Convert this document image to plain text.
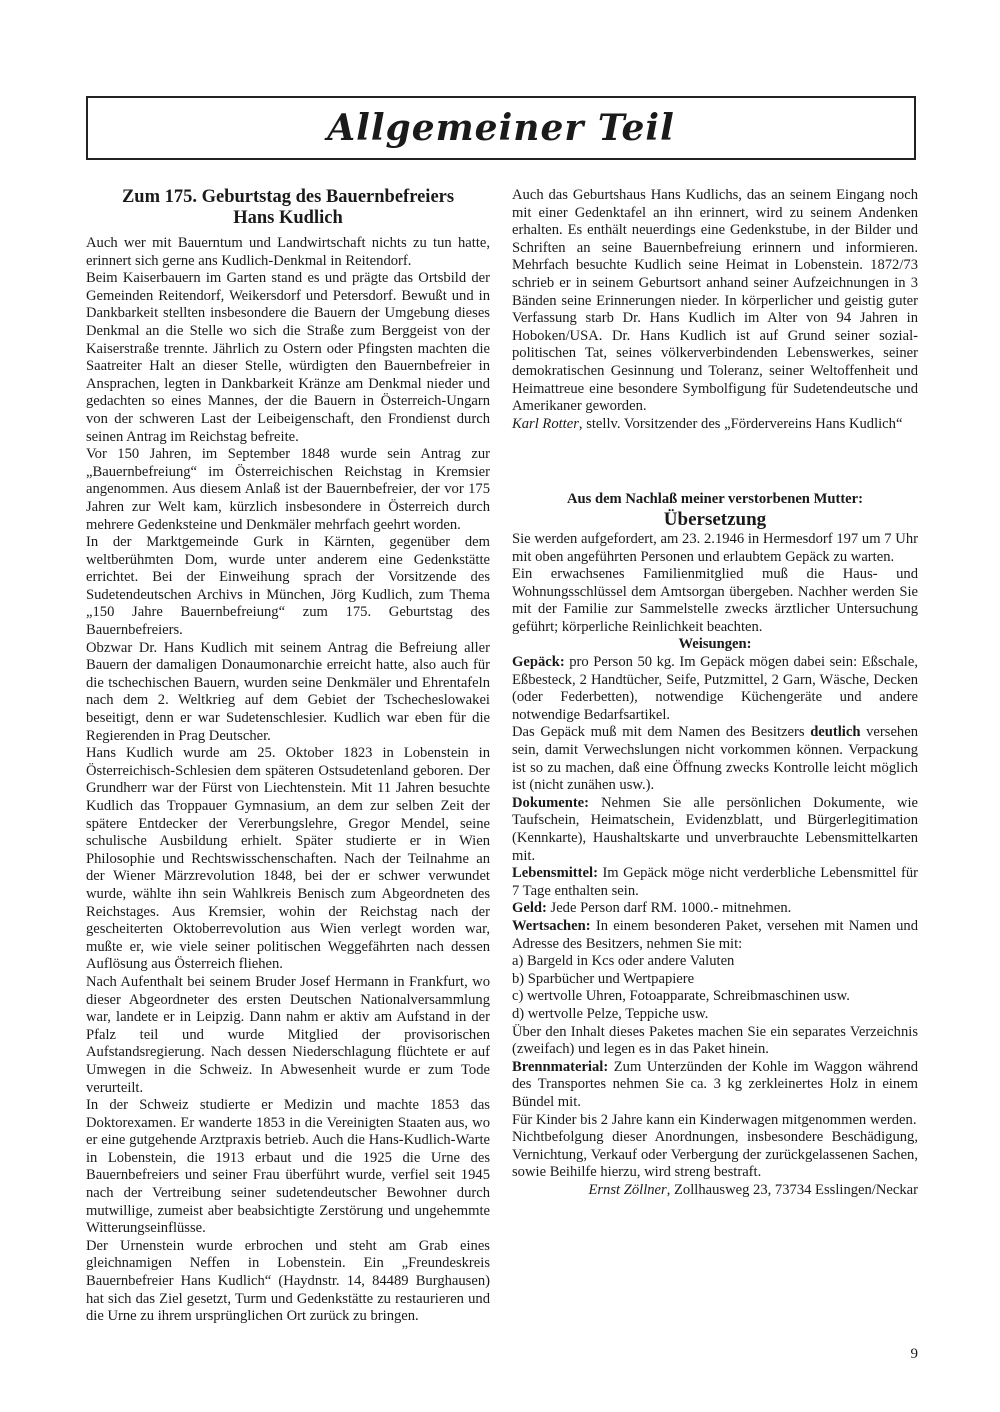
Allgemeiner Teil
Zum 175. Geburtstag des Bauernbefreiers
Hans Kudlich

Auch wer mit Bauerntum und Landwirtschaft nichts zu tun hatte, erinnert sich gerne ans Kudlich-Denkmal in Reitendorf.

Beim Kaiserbauern im Garten stand es und prägte das Ortsbild der Gemeinden Reitendorf, Weikersdorf und Petersdorf. Bewußt und in Dankbarkeit stellten insbesondere die Bauern der Umgebung dieses Denkmal an die Stelle wo sich die Straße zum Berggeist von der Kaiserstraße trennte. Jährlich zu Ostern oder Pfingsten machten die Saatreiter Halt an dieser Stelle, würdigten den Bauernbefreier in Ansprachen, legten in Dankbarkeit Kränze am Denkmal nieder und gedachten so eines Mannes, der die Bauern in Österreich-Ungarn von der schweren Last der Leibeigenschaft, den Frondienst durch seinen Antrag im Reichstag befreite.

Vor 150 Jahren, im September 1848 wurde sein Antrag zur „Bauernbefreiung“ im Österreichischen Reichstag in Kremsier angenommen. Aus diesem Anlaß ist der Bauernbefreier, der vor 175 Jahren zur Welt kam, kürzlich insbesondere in Österreich durch mehrere Gedenksteine und Denkmäler mehrfach geehrt worden.

In der Marktgemeinde Gurk in Kärnten, gegenüber dem weltberühmten Dom, wurde unter anderem eine Gedenkstätte errichtet. Bei der Einweihung sprach der Vorsitzende des Sudetendeutschen Archivs in München, Jörg Kudlich, zum Thema „150 Jahre Bauernbefreiung“ zum 175. Geburtstag des Bauernbefreiers.

Obzwar Dr. Hans Kudlich mit seinem Antrag die Befreiung aller Bauern der damaligen Donaumonarchie erreicht hatte, also auch für die tschechischen Bauern, wurden seine Denkmäler und Ehrentafeln nach dem 2. Weltkrieg auf dem Gebiet der Tschecheslowakei beseitigt, denn er war Sudetenschlesier. Kudlich war eben für die Regierenden in Prag Deutscher.

Hans Kudlich wurde am 25. Oktober 1823 in Lobenstein in Österreichisch-Schlesien dem späteren Ostsudetenland geboren. Der Grundherr war der Fürst von Liechtenstein. Mit 11 Jahren besuchte Kudlich das Troppauer Gymnasium, an dem zur selben Zeit der spätere Entdecker der Vererbungslehre, Gregor Mendel, seine schulische Ausbildung erhielt. Später studierte er in Wien Philosophie und Rechtswisschenschaften. Nach der Teilnahme an der Wiener Märzrevolution 1848, bei der er schwer verwundet wurde, wählte ihn sein Wahlkreis Benisch zum Abgeordneten des Reichstages. Aus Kremsier, wohin der Reichstag nach der gescheiterten Oktoberrevolution aus Wien verlegt worden war, mußte er, wie viele seiner politischen Weggefährten nach dessen Auflösung aus Österreich fliehen.

Nach Aufenthalt bei seinem Bruder Josef Hermann in Frankfurt, wo dieser Abgeordneter des ersten Deutschen Nationalversammlung war, landete er in Leipzig. Dann nahm er aktiv am Aufstand in der Pfalz teil und wurde Mitglied der provisorischen Aufstandsregierung. Nach dessen Niederschlagung flüchtete er auf Umwegen in die Schweiz. In Abwesenheit wurde er zum Tode verurteilt.

In der Schweiz studierte er Medizin und machte 1853 das Doktorexamen. Er wanderte 1853 in die Vereinigten Staaten aus, wo er eine gutgehende Arztpraxis betrieb. Auch die Hans-Kudlich-Warte in Lobenstein, die 1913 erbaut und die 1925 die Urne des Bauernbefreiers und seiner Frau überführt wurde, verfiel seit 1945 nach der Vertreibung seiner sudetendeutscher Bewohner durch mutwillige, zumeist aber beabsichtigte Zerstörung und ungehemmte Witterungseinflüsse.

Der Urnenstein wurde erbrochen und steht am Grab eines gleichnamigen Neffen in Lobenstein. Ein „Freundeskreis Bauernbefreier Hans Kudlich“ (Haydnstr. 14, 84489 Burghausen) hat sich das Ziel gesetzt, Turm und Gedenkstätte zu restaurieren und die Urne zu ihrem ursprünglichen Ort zurück zu bringen.

Auch das Geburtshaus Hans Kudlichs, das an seinem Eingang noch mit einer Gedenktafel an ihn erinnert, wird zu seinem Andenken erhalten. Es enthält neuerdings eine Gedenkstube, in der Bilder und Schriften an seine Bauernbefreiung erinnern und informieren. Mehrfach besuchte Kudlich seine Heimat in Lobenstein. 1872/73 schrieb er in seinem Geburtsort anhand seiner Aufzeichnungen in 3 Bänden seine Erinnerungen nieder. In körperlicher und geistig guter Verfassung starb Dr. Hans Kudlich im Alter von 94 Jahren in Hoboken/USA. Dr. Hans Kudlich ist auf Grund seiner sozial-politischen Tat, seines völkerverbindenden Lebenswerkes, seiner demokratischen Gesinnung und Toleranz, seiner Weltoffenheit und Heimattreue eine besondere Symbolfigung für Sudetendeutsche und Amerikaner geworden.

Karl Rotter, stellv. Vorsitzender des „Fördervereins Hans Kudlich“

Aus dem Nachlaß meiner verstorbenen Mutter:

Übersetzung

Sie werden aufgefordert, am 23. 2.1946 in Hermesdorf 197 um 7 Uhr mit oben angeführten Personen und erlaubtem Gepäck zu warten.

Ein erwachsenes Familienmitglied muß die Haus- und Wohnungsschlüssel dem Amtsorgan übergeben. Nachher werden Sie mit der Familie zur Sammelstelle zwecks ärztlicher Untersuchung geführt; körperliche Reinlichkeit beachten.

Weisungen:

Gepäck: pro Person 50 kg. Im Gepäck mögen dabei sein: Eßschale, Eßbesteck, 2 Handtücher, Seife, Putzmittel, 2 Garn, Wäsche, Decken (oder Federbetten), notwendige Küchengeräte und andere notwendige Bedarfsartikel.

Das Gepäck muß mit dem Namen des Besitzers deutlich versehen sein, damit Verwechslungen nicht vorkommen können. Verpackung ist so zu machen, daß eine Öffnung zwecks Kontrolle leicht möglich ist (nicht zunähen usw.).

Dokumente: Nehmen Sie alle persönlichen Dokumente, wie Taufschein, Heimatschein, Evidenzblatt, und Bürgerlegitimation (Kennkarte), Haushaltskarte und unverbrauchte Lebensmittelkarten mit.

Lebensmittel: Im Gepäck möge nicht verderbliche Lebensmittel für 7 Tage enthalten sein.

Geld: Jede Person darf RM. 1000.- mitnehmen.

Wertsachen: In einem besonderen Paket, versehen mit Namen und Adresse des Besitzers, nehmen Sie mit:

a) Bargeld in Kcs oder andere Valuten

b) Sparbücher und Wertpapiere

c) wertvolle Uhren, Fotoapparate, Schreibmaschinen usw.

d) wertvolle Pelze, Teppiche usw.

Über den Inhalt dieses Paketes machen Sie ein separates Verzeichnis (zweifach) und legen es in das Paket hinein.

Brennmaterial: Zum Unterzünden der Kohle im Waggon während des Transportes nehmen Sie ca. 3 kg zerkleinertes Holz in einem Bündel mit.

Für Kinder bis 2 Jahre kann ein Kinderwagen mitgenommen werden.

Nichtbefolgung dieser Anordnungen, insbesondere Beschädigung, Vernichtung, Verkauf oder Verbergung der zurückgelassenen Sachen, sowie Beihilfe hierzu, wird streng bestraft.

Ernst Zöllner, Zollhausweg 23, 73734 Esslingen/Neckar

9
